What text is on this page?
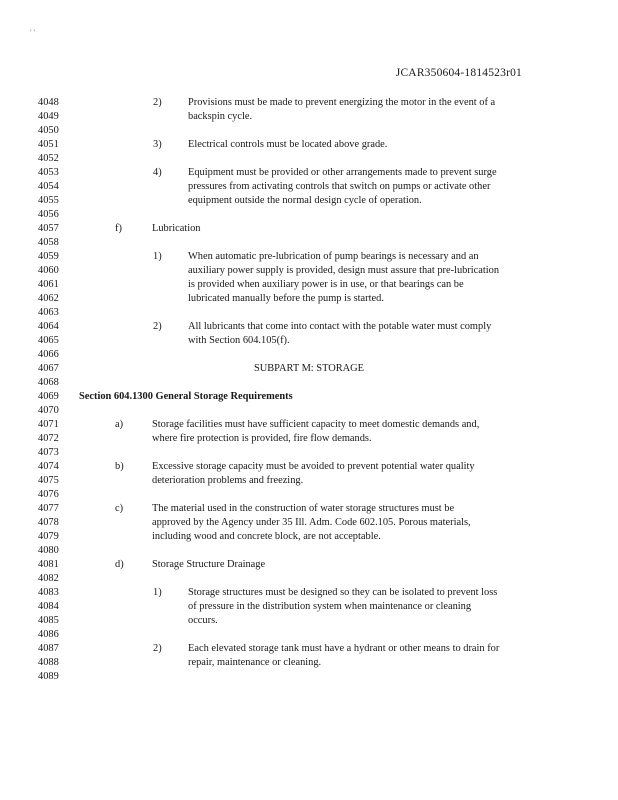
' '
JCAR350604-1814523r01
4048	2)	Provisions must be made to prevent energizing the motor in the event of a
4049	backspin cycle.
4050
4051	3)	Electrical controls must be located above grade.
4052
4053	4)	Equipment must be provided or other arrangements made to prevent surge
4054	pressures from activating controls that switch on pumps or activate other
4055	equipment outside the normal design cycle of operation.
4056
4057	f)	Lubrication
4058
4059	1)	When automatic pre-lubrication of pump bearings is necessary and an
4060	auxiliary power supply is provided, design must assure that pre-lubrication
4061	is provided when auxiliary power is in use, or that bearings can be
4062	lubricated manually before the pump is started.
4063
4064	2)	All lubricants that come into contact with the potable water must comply
4065	with Section 604.105(f).
4066
4067	SUBPART M: STORAGE
4068
4069	Section 604.1300 General Storage Requirements
4070
4071	a)	Storage facilities must have sufficient capacity to meet domestic demands and,
4072	where fire protection is provided, fire flow demands.
4073
4074	b)	Excessive storage capacity must be avoided to prevent potential water quality
4075	deterioration problems and freezing.
4076
4077	c)	The material used in the construction of water storage structures must be
4078	approved by the Agency under 35 Ill. Adm. Code 602.105. Porous materials,
4079	including wood and concrete block, are not acceptable.
4080
4081	d)	Storage Structure Drainage
4082
4083	1)	Storage structures must be designed so they can be isolated to prevent loss
4084	of pressure in the distribution system when maintenance or cleaning
4085	occurs.
4086
4087	2)	Each elevated storage tank must have a hydrant or other means to drain for
4088	repair, maintenance or cleaning.
4089
